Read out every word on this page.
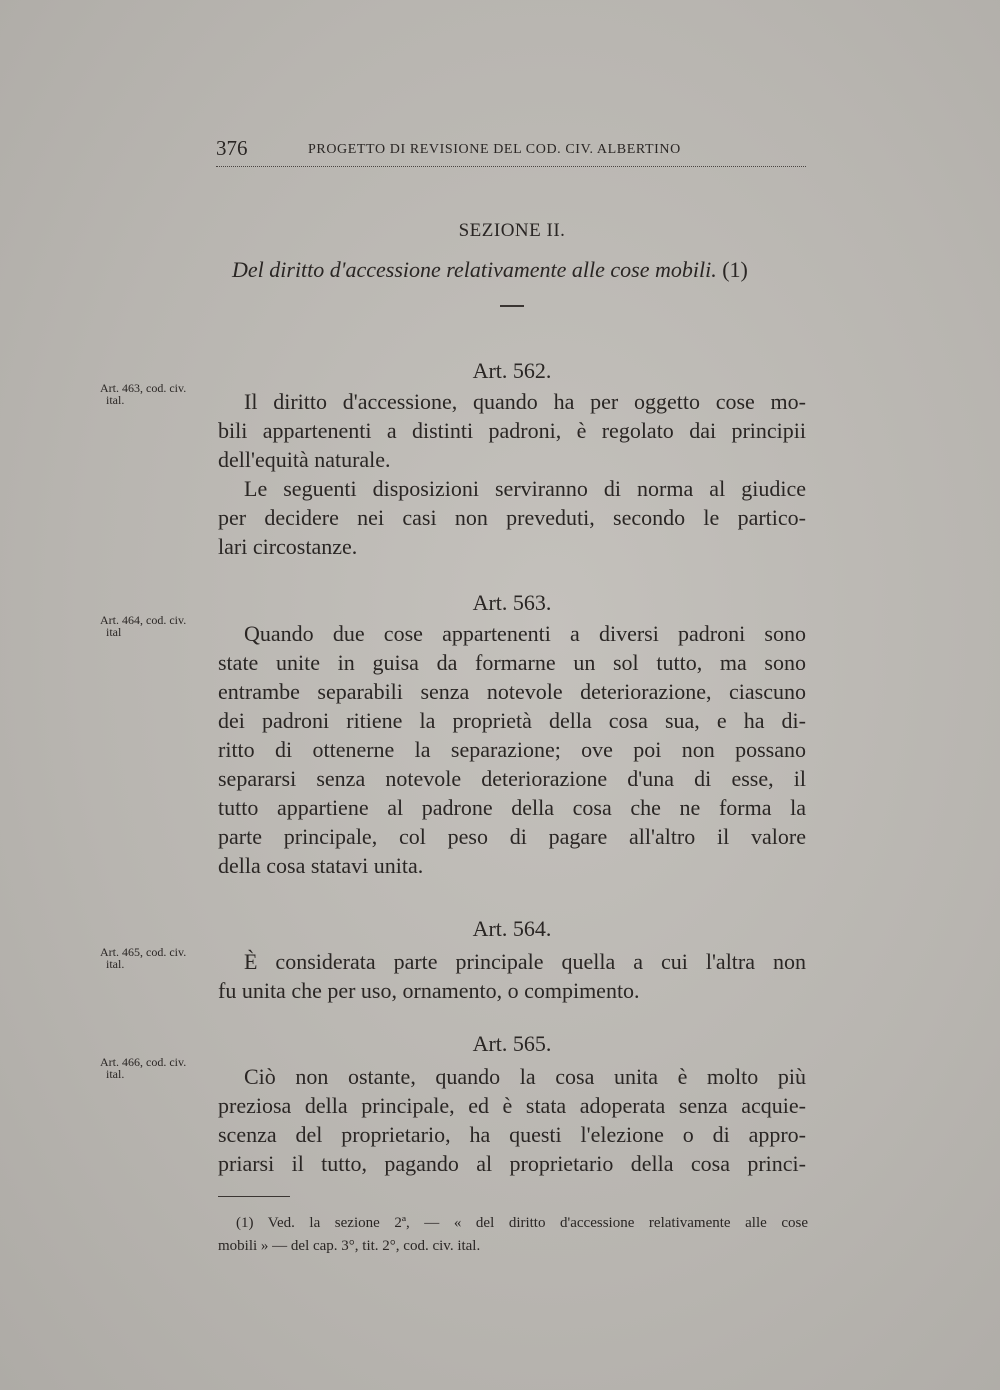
376	PROGETTO DI REVISIONE DEL COD. CIV. ALBERTINO
SEZIONE II.
Del diritto d'accessione relativamente alle cose mobili. (1)
Art. 562.
Art. 463, cod. civ.
ital.	Il diritto d'accessione, quando ha per oggetto cose mo-
bili appartenenti a distinti padroni, è regolato dai principii
dell'equità naturale.
Le seguenti disposizioni serviranno di norma al giudice
per decidere nei casi non preveduti, secondo le partico-
lari circostanze.
Art. 563.
Art. 464, cod. civ.
ital	Quando due cose appartenenti a diversi padroni sono
state unite in guisa da formarne un sol tutto, ma sono
entrambe separabili senza notevole deteriorazione, ciascuno
dei padroni ritiene la proprietà della cosa sua, e ha di-
ritto di ottenerne la separazione; ove poi non possano
separarsi senza notevole deteriorazione d'una di esse, il
tutto appartiene al padrone della cosa che ne forma la
parte principale, col peso di pagare all'altro il valore
della cosa statavi unita.
Art. 564.
Art. 465, cod. civ.
ital.	È considerata parte principale quella a cui l'altra non
fu unita che per uso, ornamento, o compimento.
Art. 565.
Art. 466, cod. civ.
ital.	Ciò non ostante, quando la cosa unita è molto più
preziosa della principale, ed è stata adoperata senza acquie-
scenza del proprietario, ha questi l'elezione o di appro-
priarsi il tutto, pagando al proprietario della cosa princi-
(1) Ved. la sezione 2ª, — « del diritto d'accessione relativamente alle cose
mobili » — del cap. 3°, tit. 2°, cod. civ. ital.
